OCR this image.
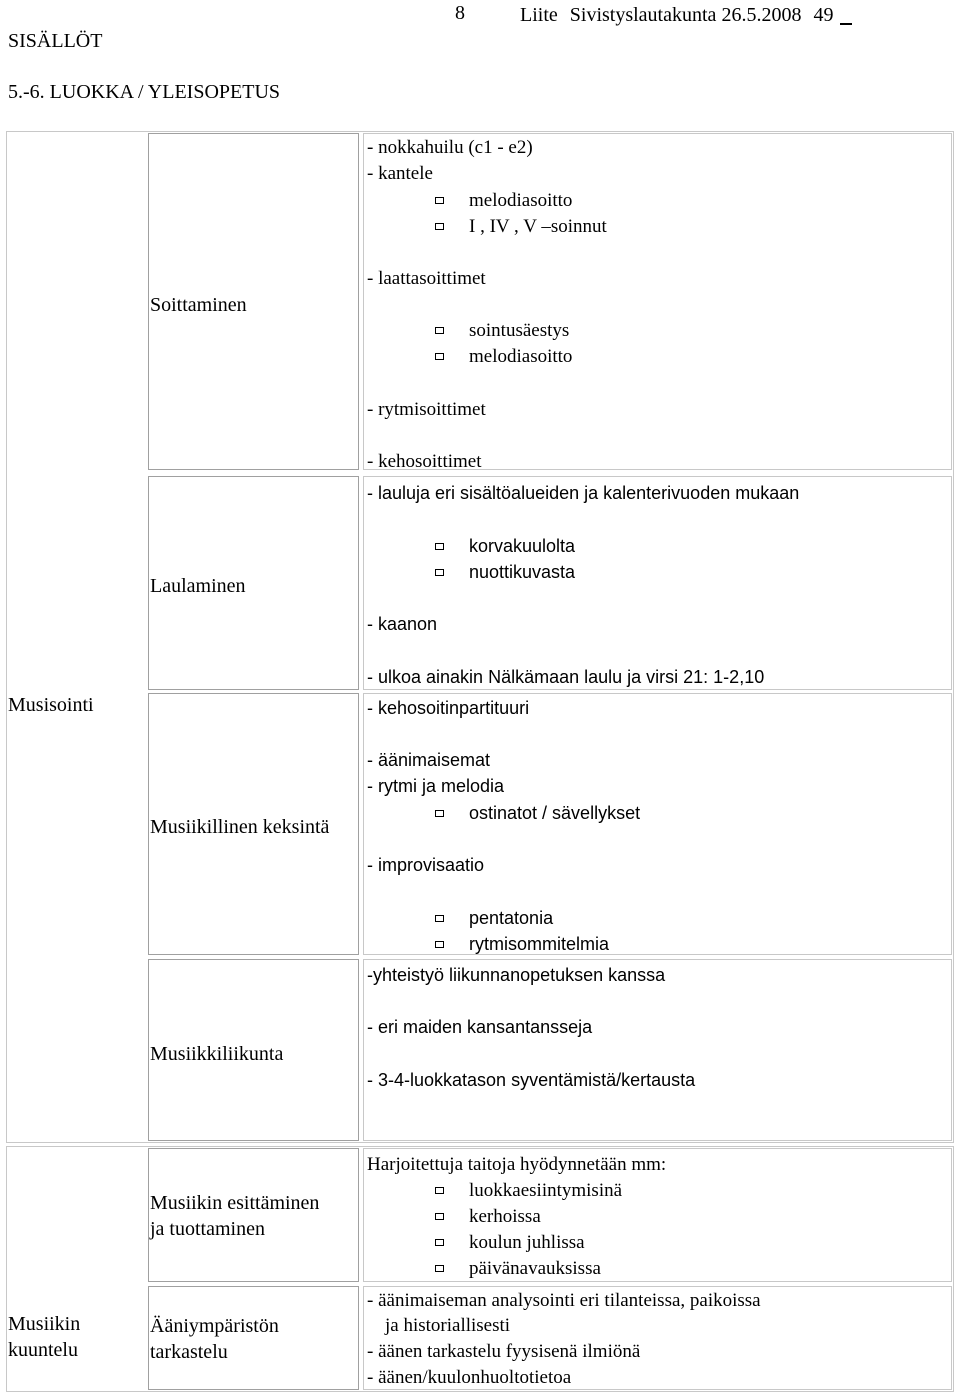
SISÄLLÖT
8	Liite Sivistyslautakunta 26.5.2008 49
5.-6. LUOKKA / YLEISOPETUS
Musisointi
Musiikin
kuuntelu
Soittaminen
Laulaminen
Musiikillinen keksintä
Musiikkiliikunta
Musiikin esittäminen
ja tuottaminen
Ääniympäristön
tarkastelu
- nokkahuilu (c1 - e2)
- kantele
melodiasoitto
I , IV , V –soinnut
- laattasoittimet
sointusäestys
melodiasoitto
- rytmisoittimet
- kehosoittimet
- lauluja eri sisältöalueiden ja kalenterivuoden mukaan
korvakuulolta
nuottikuvasta
- kaanon
- ulkoa ainakin Nälkämaan laulu ja virsi 21: 1-2,10
- kehosoitinpartituuri
- äänimaisemat
- rytmi ja melodia
ostinatot / sävellykset
- improvisaatio
pentatonia
rytmisommitelmia
-yhteistyö liikunnanopetuksen kanssa
- eri maiden kansantansseja
- 3-4-luokkatason syventämistä/kertausta
Harjoitettuja taitoja hyödynnetään mm:
luokkaesiintymisinä
kerhoissa
koulun juhlissa
päivänavauksissa
- äänimaiseman analysointi eri tilanteissa, paikoissa
ja historiallisesti
- äänen tarkastelu fyysisenä ilmiönä
- äänen/kuulonhuoltotietoa
